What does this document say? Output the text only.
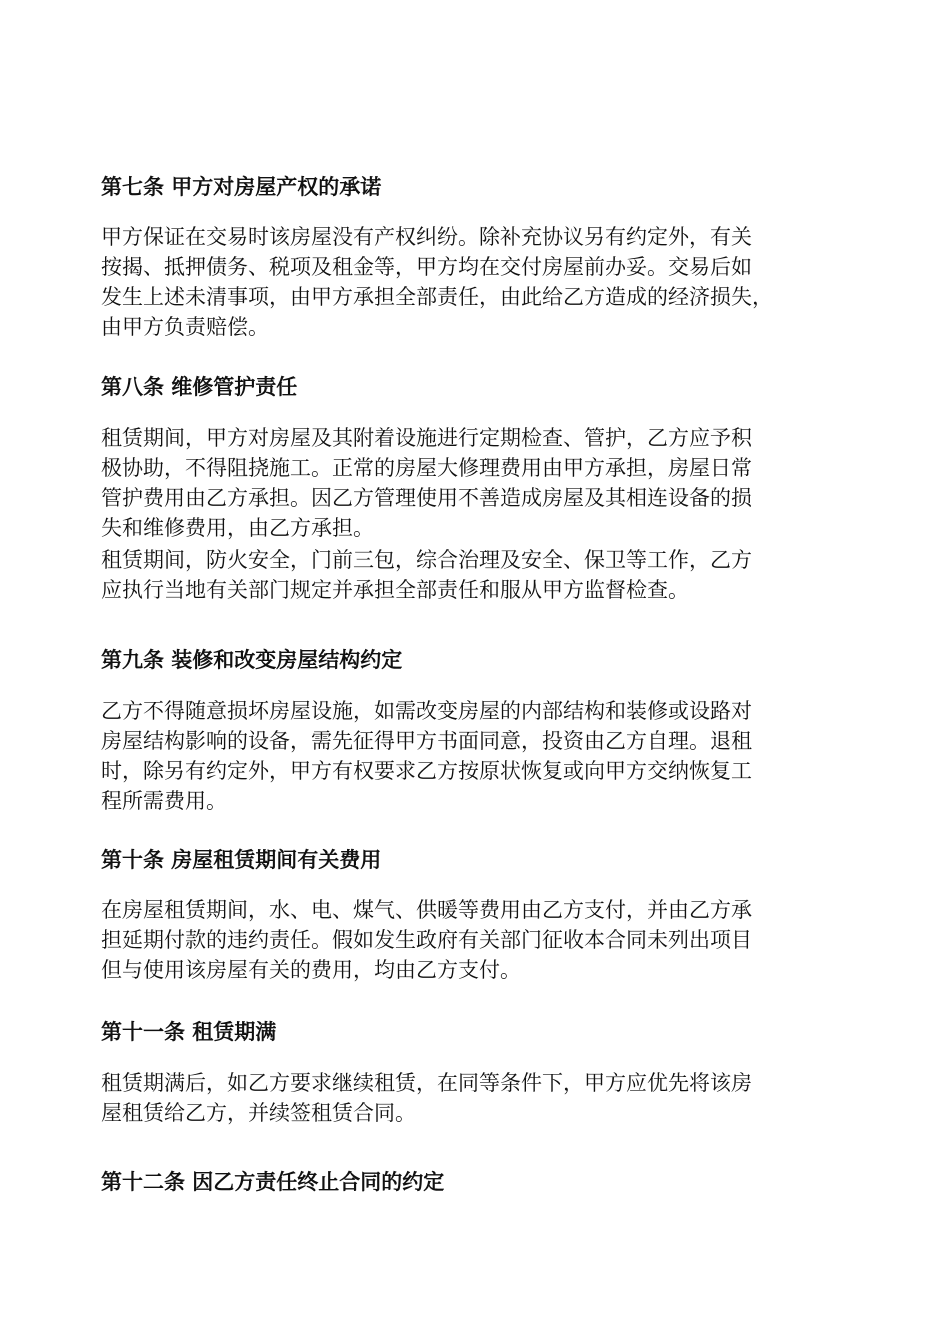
第七条 甲方对房屋产权的承诺

甲方保证在交易时该房屋没有产权纠纷。除补充协议另有约定外，有关
按揭、抵押债务、税项及租金等，甲方均在交付房屋前办妥。交易后如
发生上述未清事项，由甲方承担全部责任，由此给乙方造成的经济损失，
由甲方负责赔偿。

第八条 维修管护责任

租赁期间，甲方对房屋及其附着设施进行定期检查、管护，乙方应予积
极协助，不得阻挠施工。正常的房屋大修理费用由甲方承担，房屋日常
管护费用由乙方承担。因乙方管理使用不善造成房屋及其相连设备的损
失和维修费用，由乙方承担。

租赁期间，防火安全，门前三包，综合治理及安全、保卫等工作，乙方
应执行当地有关部门规定并承担全部责任和服从甲方监督检查。

第九条 装修和改变房屋结构约定

乙方不得随意损坏房屋设施，如需改变房屋的内部结构和装修或设路对
房屋结构影响的设备，需先征得甲方书面同意，投资由乙方自理。退租
时，除另有约定外，甲方有权要求乙方按原状恢复或向甲方交纳恢复工
程所需费用。

第十条 房屋租赁期间有关费用

在房屋租赁期间，水、电、煤气、供暖等费用由乙方支付，并由乙方承
担延期付款的违约责任。假如发生政府有关部门征收本合同未列出项目
但与使用该房屋有关的费用，均由乙方支付。

第十一条 租赁期满

租赁期满后，如乙方要求继续租赁，在同等条件下，甲方应优先将该房
屋租赁给乙方，并续签租赁合同。

第十二条 因乙方责任终止合同的约定
